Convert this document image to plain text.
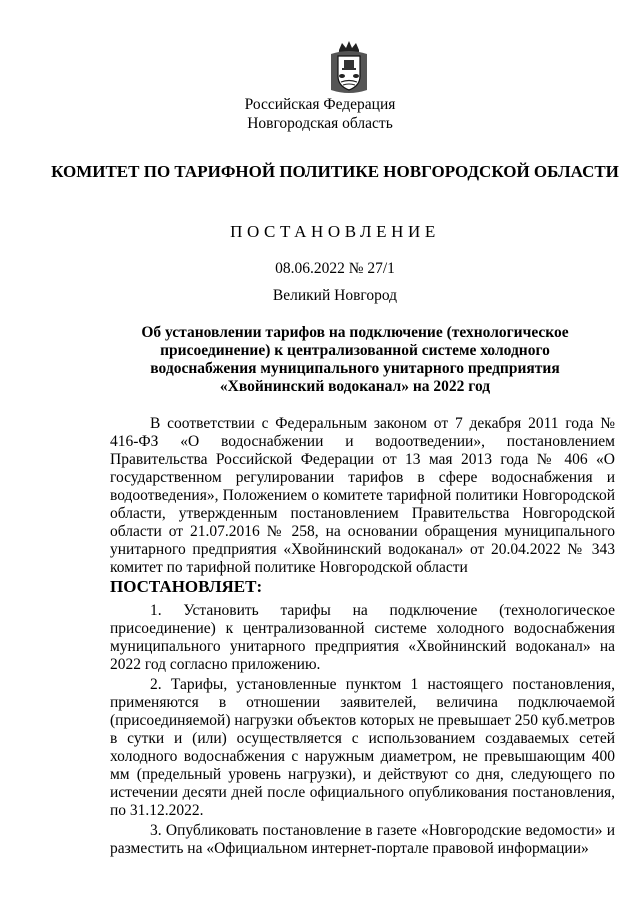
Российская Федерация

Новгородская область

КОМИТЕТ ПО ТАРИФНОЙ ПОЛИТИКЕ НОВГОРОДСКОЙ ОБЛАСТИ

ПОСТАНОВЛЕНИЕ

08.06.2022 № 27/1

Великий Новгород

Об установлении тарифов на подключение (технологическое присоединение) к централизованной системе холодного водоснабжения муниципального унитарного предприятия «Хвойнинский водоканал» на 2022 год

В соответствии с Федеральным законом от 7 декабря 2011 года № 416-ФЗ «О водоснабжении и водоотведении», постановлением Правительства Российской Федерации от 13 мая 2013 года № 406 «О государственном регулировании тарифов в сфере водоснабжения и водоотведения», Положением о комитете тарифной политики Новгородской области, утвержденным постановлением Правительства Новгородской области от 21.07.2016 № 258, на основании обращения муниципального унитарного предприятия «Хвойнинский водоканал» от 20.04.2022 № 343 комитет по тарифной политике Новгородской области

ПОСТАНОВЛЯЕТ:

1. Установить тарифы на подключение (технологическое присоединение) к централизованной системе холодного водоснабжения муниципального унитарного предприятия «Хвойнинский водоканал» на 2022 год согласно приложению.

2. Тарифы, установленные пунктом 1 настоящего постановления, применяются в отношении заявителей, величина подключаемой (присоединяемой) нагрузки объектов которых не превышает 250 куб.метров в сутки и (или) осуществляется с использованием создаваемых сетей холодного водоснабжения с наружным диаметром, не превышающим 400 мм (предельный уровень нагрузки), и действуют со дня, следующего по истечении десяти дней после официального опубликования постановления, по 31.12.2022.

3. Опубликовать постановление в газете «Новгородские ведомости» и разместить на «Официальном интернет-портале правовой информации»
